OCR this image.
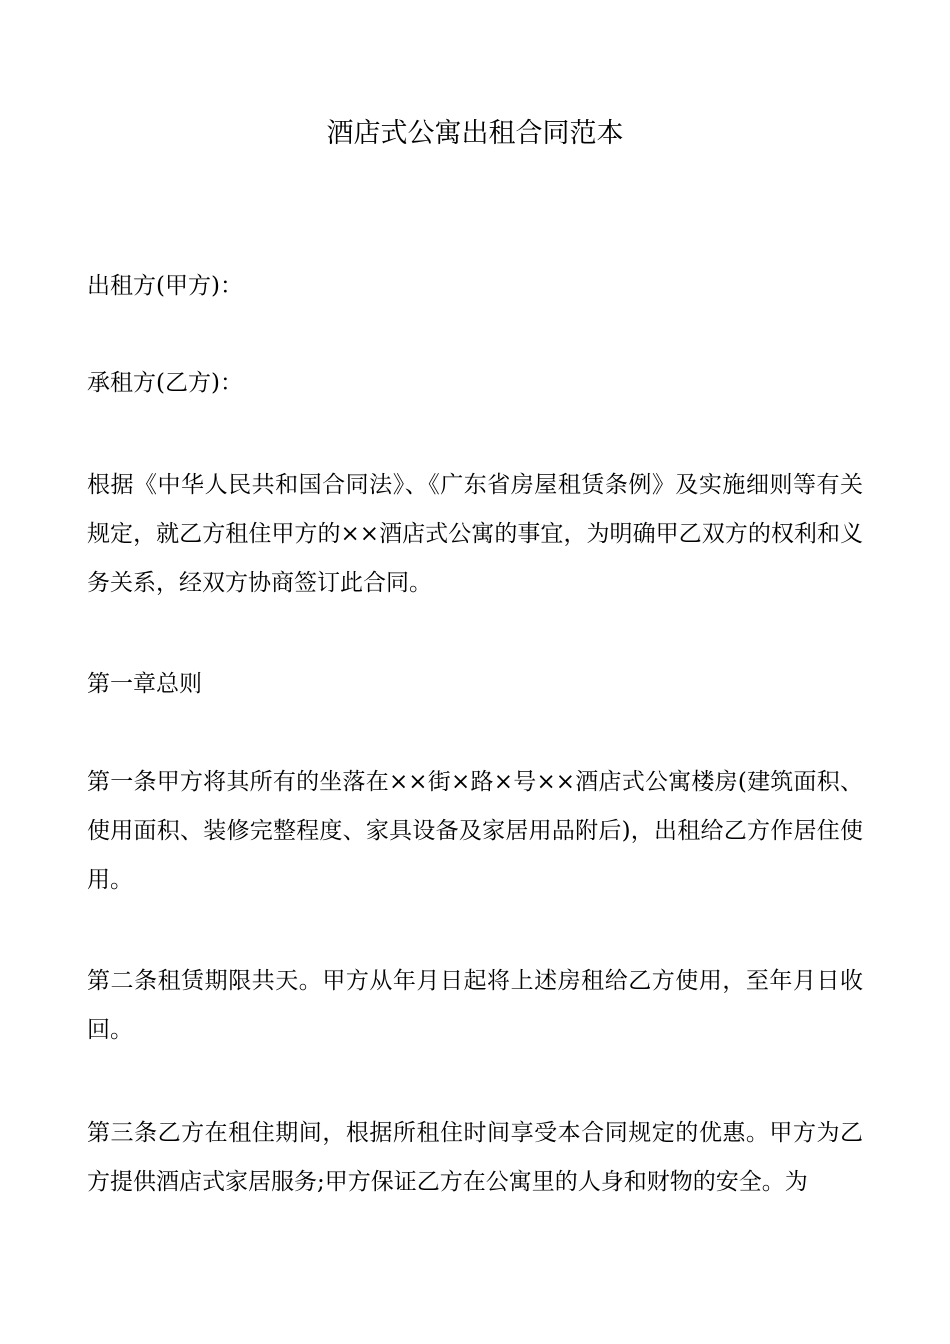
酒店式公寓出租合同范本

出租方(甲方)：

承租方(乙方)：

根据《中华人民共和国合同法》、《广东省房屋租赁条例》及实施细则等有关规定，就乙方租住甲方的××酒店式公寓的事宜，为明确甲乙双方的权利和义务关系，经双方协商签订此合同。

第一章总则

第一条甲方将其所有的坐落在××街×路×号××酒店式公寓楼房(建筑面积、使用面积、装修完整程度、家具设备及家居用品附后)，出租给乙方作居住使用。

第二条租赁期限共天。甲方从年月日起将上述房租给乙方使用，至年月日收回。

第三条乙方在租住期间，根据所租住时间享受本合同规定的优惠。甲方为乙方提供酒店式家居服务;甲方保证乙方在公寓里的人身和财物的安全。为
